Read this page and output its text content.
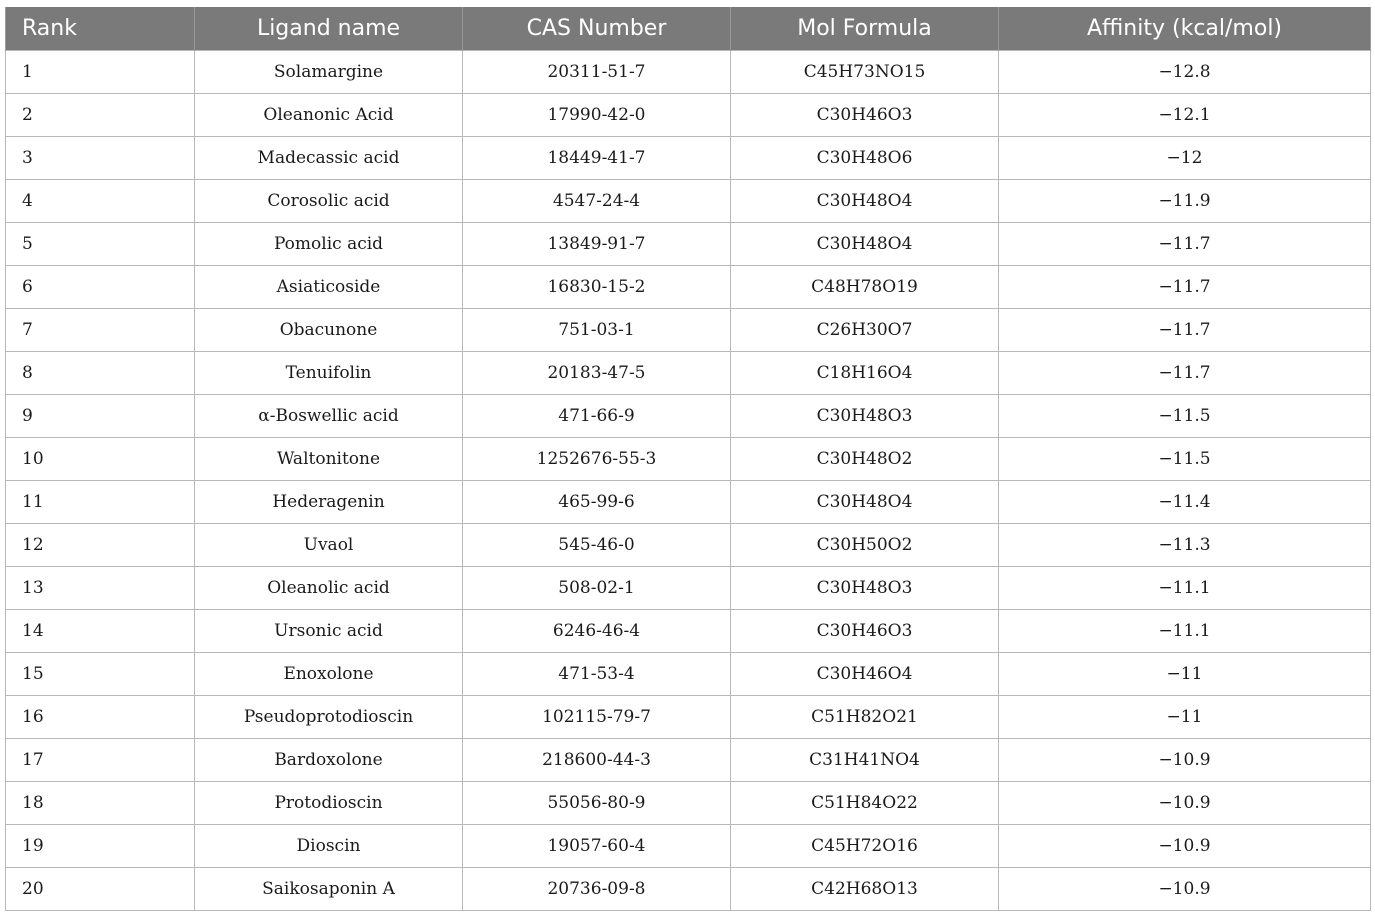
Rank	Ligand name	CAS Number	Mol Formula	Affinity (kcal/mol)
1	Solamargine	20311-51-7	C45H73NO15	−12.8
2	Oleanonic Acid	17990-42-0	C30H46O3	−12.1
3	Madecassic acid	18449-41-7	C30H48O6	−12
4	Corosolic acid	4547-24-4	C30H48O4	−11.9
5	Pomolic acid	13849-91-7	C30H48O4	−11.7
6	Asiaticoside	16830-15-2	C48H78O19	−11.7
7	Obacunone	751-03-1	C26H30O7	−11.7
8	Tenuifolin	20183-47-5	C18H16O4	−11.7
9	α-Boswellic acid	471-66-9	C30H48O3	−11.5
10	Waltonitone	1252676-55-3	C30H48O2	−11.5
11	Hederagenin	465-99-6	C30H48O4	−11.4
12	Uvaol	545-46-0	C30H50O2	−11.3
13	Oleanolic acid	508-02-1	C30H48O3	−11.1
14	Ursonic acid	6246-46-4	C30H46O3	−11.1
15	Enoxolone	471-53-4	C30H46O4	−11
16	Pseudoprotodioscin	102115-79-7	C51H82O21	−11
17	Bardoxolone	218600-44-3	C31H41NO4	−10.9
18	Protodioscin	55056-80-9	C51H84O22	−10.9
19	Dioscin	19057-60-4	C45H72O16	−10.9
20	Saikosaponin A	20736-09-8	C42H68O13	−10.9
